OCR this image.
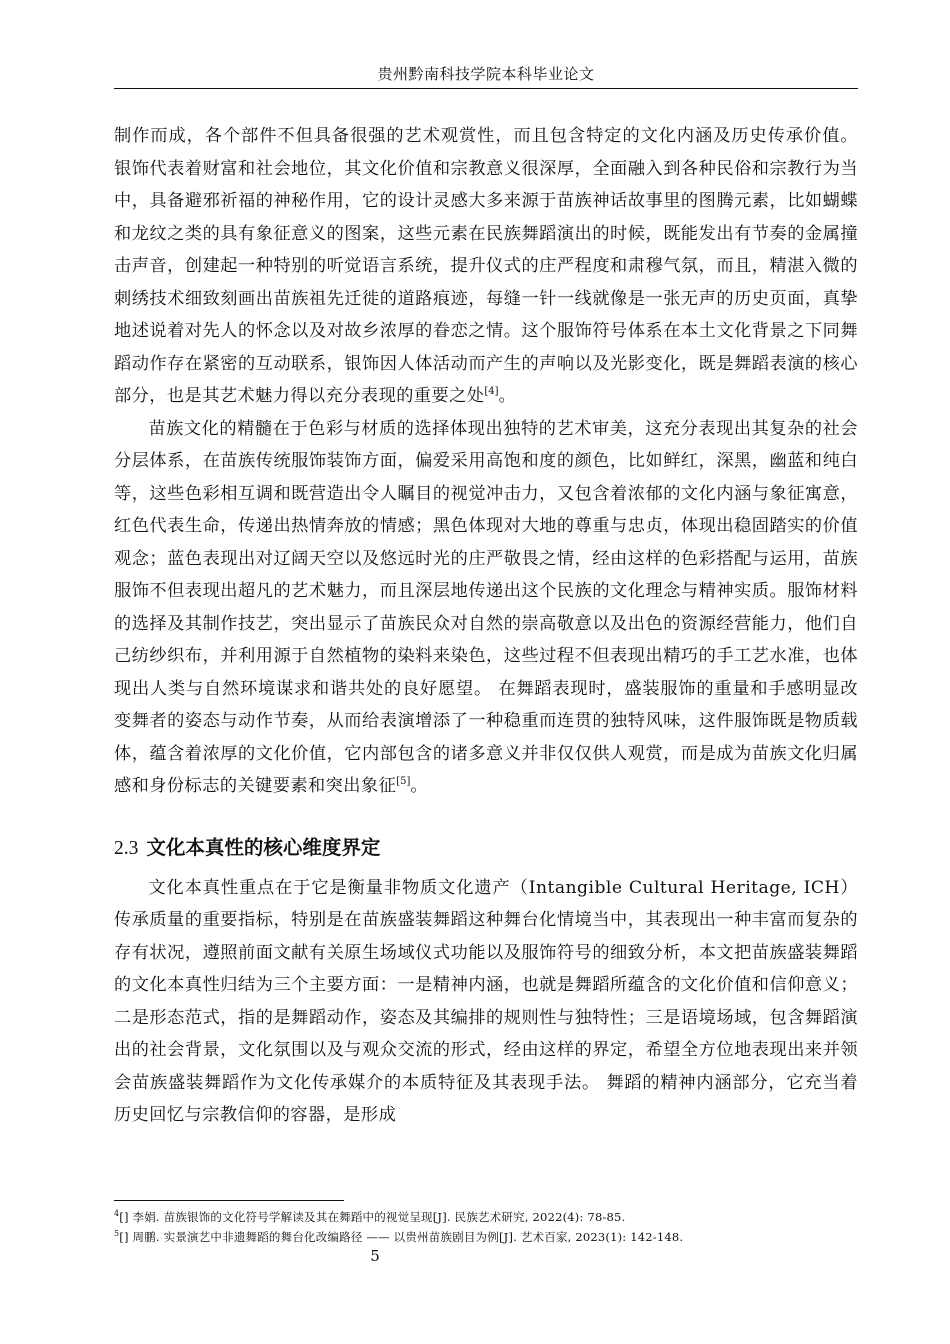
贵州黔南科技学院本科毕业论文

制作而成，各个部件不但具备很强的艺术观赏性，而且包含特定的文化内涵及历史传承价值。 银饰代表着财富和社会地位，其文化价值和宗教意义很深厚，全面融入到各种民俗和宗教行为当中，具备避邪祈福的神秘作用，它的设计灵感大多来源于苗族神话故事里的图腾元素，比如蝴蝶和龙纹之类的具有象征意义的图案，这些元素在民族舞蹈演出的时候，既能发出有节奏的金属撞击声音，创建起一种特别的听觉语言系统，提升仪式的庄严程度和肃穆气氛，而且，精湛入微的刺绣技术细致刻画出苗族祖先迁徙的道路痕迹，每缝一针一线就像是一张无声的历史页面，真挚地述说着对先人的怀念以及对故乡浓厚的眷恋之情。这个服饰符号体系在本土文化背景之下同舞蹈动作存在紧密的互动联系，银饰因人体活动而产生的声响以及光影变化，既是舞蹈表演的核心部分，也是其艺术魅力得以充分表现的重要之处[4]。

苗族文化的精髓在于色彩与材质的选择体现出独特的艺术审美，这充分表现出其复杂的社会分层体系，在苗族传统服饰装饰方面，偏爱采用高饱和度的颜色，比如鲜红，深黑，幽蓝和纯白等，这些色彩相互调和既营造出令人瞩目的视觉冲击力，又包含着浓郁的文化内涵与象征寓意，红色代表生命，传递出热情奔放的情感；黑色体现对大地的尊重与忠贞，体现出稳固踏实的价值观念；蓝色表现出对辽阔天空以及悠远时光的庄严敬畏之情，经由这样的色彩搭配与运用，苗族服饰不但表现出超凡的艺术魅力，而且深层地传递出这个民族的文化理念与精神实质。服饰材料的选择及其制作技艺，突出显示了苗族民众对自然的崇高敬意以及出色的资源经营能力，他们自己纺纱织布，并利用源于自然植物的染料来染色，这些过程不但表现出精巧的手工艺水准，也体现出人类与自然环境谋求和谐共处的良好愿望。 在舞蹈表现时，盛装服饰的重量和手感明显改变舞者的姿态与动作节奏，从而给表演增添了一种稳重而连贯的独特风味，这件服饰既是物质载体，蕴含着浓厚的文化价值，它内部包含的诸多意义并非仅仅供人观赏，而是成为苗族文化归属感和身份标志的关键要素和突出象征[5]。

2.3 文化本真性的核心维度界定

文化本真性重点在于它是衡量非物质文化遗产（Intangible Cultural Heritage, ICH）传承质量的重要指标，特别是在苗族盛装舞蹈这种舞台化情境当中，其表现出一种丰富而复杂的存有状况，遵照前面文献有关原生场域仪式功能以及服饰符号的细致分析，本文把苗族盛装舞蹈的文化本真性归结为三个主要方面：一是精神内涵，也就是舞蹈所蕴含的文化价值和信仰意义；二是形态范式，指的是舞蹈动作，姿态及其编排的规则性与独特性；三是语境场域，包含舞蹈演出的社会背景，文化氛围以及与观众交流的形式，经由这样的界定，希望全方位地表现出来并领会苗族盛装舞蹈作为文化传承媒介的本质特征及其表现手法。 舞蹈的精神内涵部分，它充当着历史回忆与宗教信仰的容器，是形成

$^4$[] 李娟. 苗族银饰的文化符号学解读及其在舞蹈中的视觉呈现[J]. 民族艺术研究, 2022(4): 78-85.
$^5$[] 周鹏. 实景演艺中非遗舞蹈的舞台化改编路径 —— 以贵州苗族剧目为例[J]. 艺术百家, 2023(1): 142-148.
5
